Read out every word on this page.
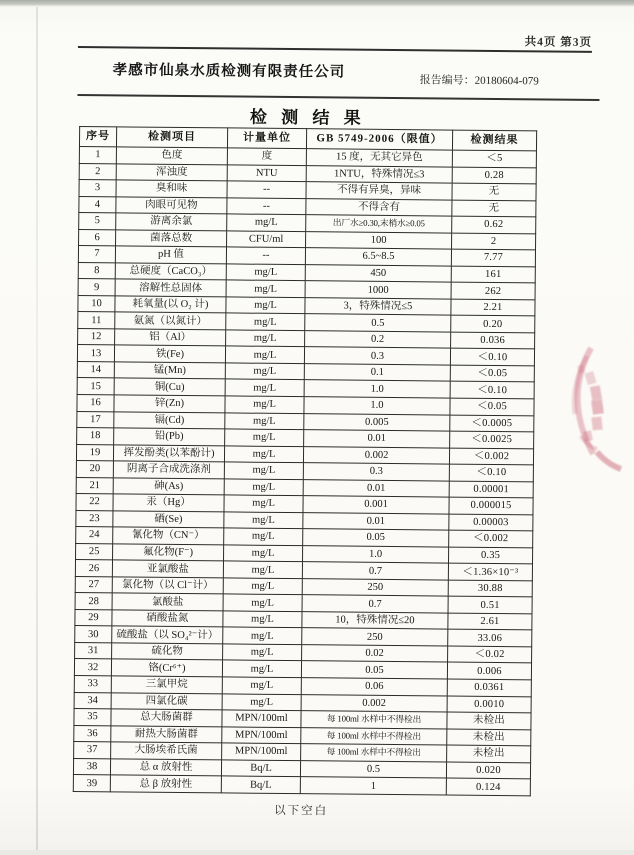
共4页 第3页
孝感市仙泉水质检测有限责任公司	报告编号：20180604-079
检 测 结 果
序号	检测项目	计量单位	GB 5749-2006（限值）	检测结果
1	色度	度	15 度，无其它异色	＜5
2	浑浊度	NTU	1NTU，特殊情况≤3	0.28
3	臭和味	--	不得有异臭，异味	无
4	肉眼可见物	--	不得含有	无
5	游离余氯	mg/L	出厂水≥0.30,末梢水≥0.05	0.62
6	菌落总数	CFU/ml	100	2
7	pH 值	--	6.5~8.5	7.77
8	总硬度（CaCO₃）	mg/L	450	161
9	溶解性总固体	mg/L	1000	262
10	耗氧量(以 O₂ 计)	mg/L	3，特殊情况≤5	2.21
11	氨氮（以氮计）	mg/L	0.5	0.20
12	铝（Al）	mg/L	0.2	0.036
13	铁(Fe)	mg/L	0.3	＜0.10
14	锰(Mn)	mg/L	0.1	＜0.05
15	铜(Cu)	mg/L	1.0	＜0.10
16	锌(Zn)	mg/L	1.0	＜0.05
17	镉(Cd)	mg/L	0.005	＜0.0005
18	铅(Pb)	mg/L	0.01	＜0.0025
19	挥发酚类(以苯酚计)	mg/L	0.002	＜0.002
20	阴离子合成洗涤剂	mg/L	0.3	＜0.10
21	砷(As)	mg/L	0.01	0.00001
22	汞（Hg）	mg/L	0.001	0.000015
23	硒(Se)	mg/L	0.01	0.00003
24	氰化物（CN⁻）	mg/L	0.05	＜0.002
25	氟化物(F⁻)	mg/L	1.0	0.35
26	亚氯酸盐	mg/L	0.7	＜1.36×10⁻³
27	氯化物（以 Cl⁻计）	mg/L	250	30.88
28	氯酸盐	mg/L	0.7	0.51
29	硝酸盐氮	mg/L	10，特殊情况≤20	2.61
30	硫酸盐（以 SO₄²⁻计）	mg/L	250	33.06
31	硫化物	mg/L	0.02	＜0.02
32	铬(Cr⁶⁺)	mg/L	0.05	0.006
33	三氯甲烷	mg/L	0.06	0.0361
34	四氯化碳	mg/L	0.002	0.0010
35	总大肠菌群	MPN/100ml	每 100ml 水样中不得检出	未检出
36	耐热大肠菌群	MPN/100ml	每 100ml 水样中不得检出	未检出
37	大肠埃希氏菌	MPN/100ml	每 100ml 水样中不得检出	未检出
38	总 α 放射性	Bq/L	0.5	0.020
39	总 β 放射性	Bq/L	1	0.124
以下空白
